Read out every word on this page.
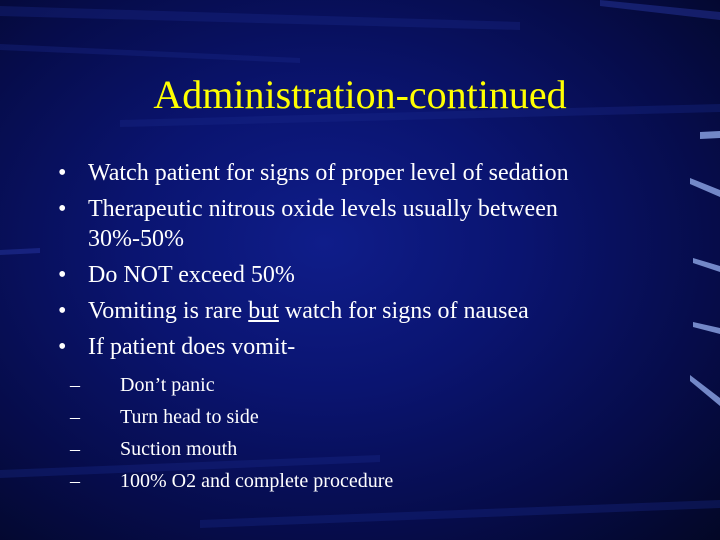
Administration-continued
• Watch patient for signs of proper level of sedation
• Therapeutic nitrous oxide levels usually between
30%-50%
• Do NOT exceed 50%
• Vomiting is rare but watch for signs of nausea
• If patient does vomit-
– Don’t panic
– Turn head to side
– Suction mouth
– 100% O2 and complete procedure
